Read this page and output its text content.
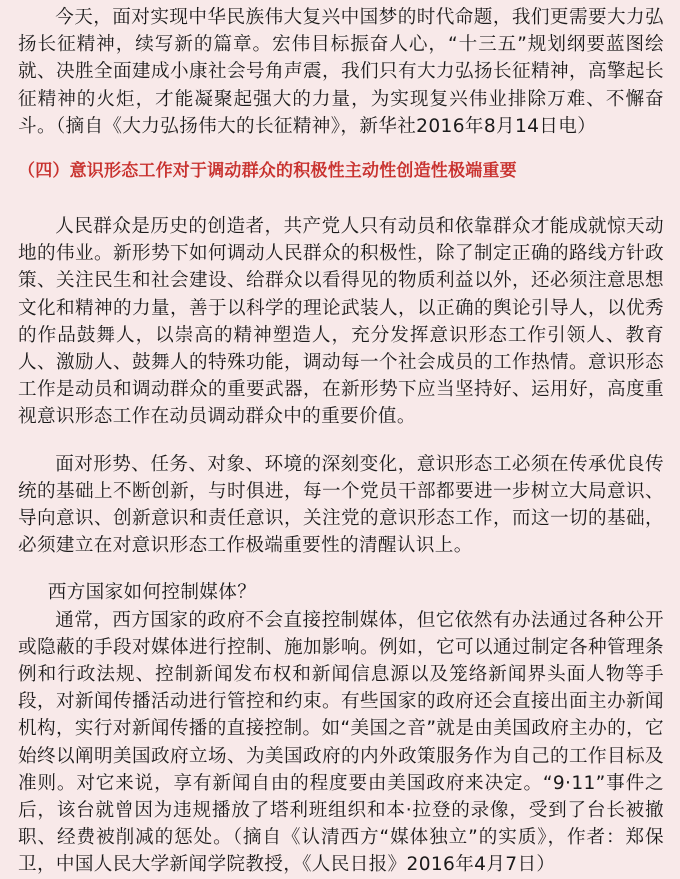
今天，面对实现中华民族伟大复兴中国梦的时代命题，我们更需要大力弘扬长征精神，续写新的篇章。宏伟目标振奋人心，“十三五”规划纲要蓝图绘就、决胜全面建成小康社会号角声震，我们只有大力弘扬长征精神，高擎起长征精神的火炬，才能凝聚起强大的力量，为实现复兴伟业排除万难、不懈奋斗。（摘自《大力弘扬伟大的长征精神》，新华社2016年8月14日电）

（四）意识形态工作对于调动群众的积极性主动性创造性极端重要

人民群众是历史的创造者，共产党人只有动员和依靠群众才能成就惊天动地的伟业。新形势下如何调动人民群众的积极性，除了制定正确的路线方针政策、关注民生和社会建设、给群众以看得见的物质利益以外，还必须注意思想文化和精神的力量，善于以科学的理论武装人，以正确的舆论引导人，以优秀的作品鼓舞人，以崇高的精神塑造人，充分发挥意识形态工作引领人、教育人、激励人、鼓舞人的特殊功能，调动每一个社会成员的工作热情。意识形态工作是动员和调动群众的重要武器，在新形势下应当坚持好、运用好，高度重视意识形态工作在动员调动群众中的重要价值。

面对形势、任务、对象、环境的深刻变化，意识形态工必须在传承优良传统的基础上不断创新，与时俱进，每一个党员干部都要进一步树立大局意识、导向意识、创新意识和责任意识，关注党的意识形态工作，而这一切的基础，必须建立在对意识形态工作极端重要性的清醒认识上。

西方国家如何控制媒体？

通常，西方国家的政府不会直接控制媒体，但它依然有办法通过各种公开或隐蔽的手段对媒体进行控制、施加影响。例如，它可以通过制定各种管理条例和行政法规、控制新闻发布权和新闻信息源以及笼络新闻界头面人物等手段，对新闻传播活动进行管控和约束。有些国家的政府还会直接出面主办新闻机构，实行对新闻传播的直接控制。如“美国之音”就是由美国政府主办的，它始终以阐明美国政府立场、为美国政府的内外政策服务作为自己的工作目标及准则。对它来说，享有新闻自由的程度要由美国政府来决定。“9·11”事件之后，该台就曾因为违规播放了塔利班组织和本·拉登的录像，受到了台长被撤职、经费被削减的惩处。（摘自《认清西方“媒体独立”的实质》，作者：郑保卫，中国人民大学新闻学院教授，《人民日报》2016年4月7日）
